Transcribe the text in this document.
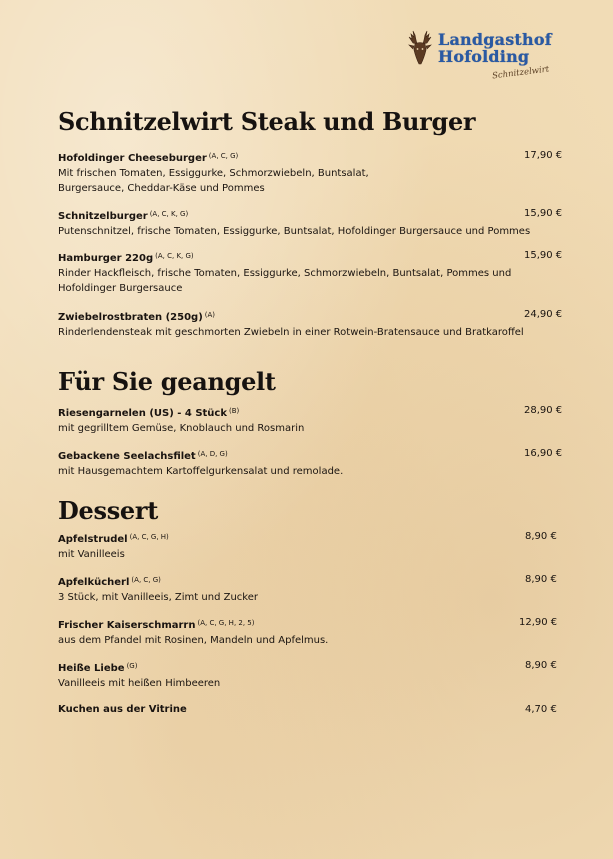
Landgasthof
Hofolding
Schnitzelwirt
Schnitzelwirt Steak und Burger
Hofoldinger Cheeseburger $^{(A, C, G)}$
Mit frischen Tomaten, Essiggurke, Schmorzwiebeln, Buntsalat,
Burgersauce, Cheddar-Käse und Pommes
17,90 €
Schnitzelburger $^{(A, C, K, G)}$
Putenschnitzel, frische Tomaten, Essiggurke, Buntsalat, Hofoldinger Burgersauce und Pommes
15,90 €
Hamburger 220g $^{(A, C, K, G)}$
Rinder Hackfleisch, frische Tomaten, Essiggurke, Schmorzwiebeln, Buntsalat, Pommes und
Hofoldinger Burgersauce
15,90 €
Zwiebelrostbraten (250g) $^{(A)}$
Rinderlendensteak mit geschmorten Zwiebeln in einer Rotwein-Bratensauce und Bratkaroffel
24,90 €
Für Sie geangelt
Riesengarnelen (US) - 4 Stück $^{(B)}$
mit gegrilltem Gemüse, Knoblauch und Rosmarin
28,90 €
Gebackene Seelachsfilet $^{(A, D, G)}$
mit Hausgemachtem Kartoffelgurkensalat und remolade.
16,90 €
Dessert
Apfelstrudel $^{(A, C, G, H)}$
mit Vanilleeis
8,90 €
Apfelkücherl $^{(A, C, G)}$
3 Stück, mit Vanilleeis, Zimt und Zucker
8,90 €
Frischer Kaiserschmarrn $^{(A, C, G, H, 2, 5)}$
aus dem Pfandel mit Rosinen, Mandeln und Apfelmus.
12,90 €
Heiße Liebe $^{(G)}$
Vanilleeis mit heißen Himbeeren
8,90 €
Kuchen aus der Vitrine	4,70 €
